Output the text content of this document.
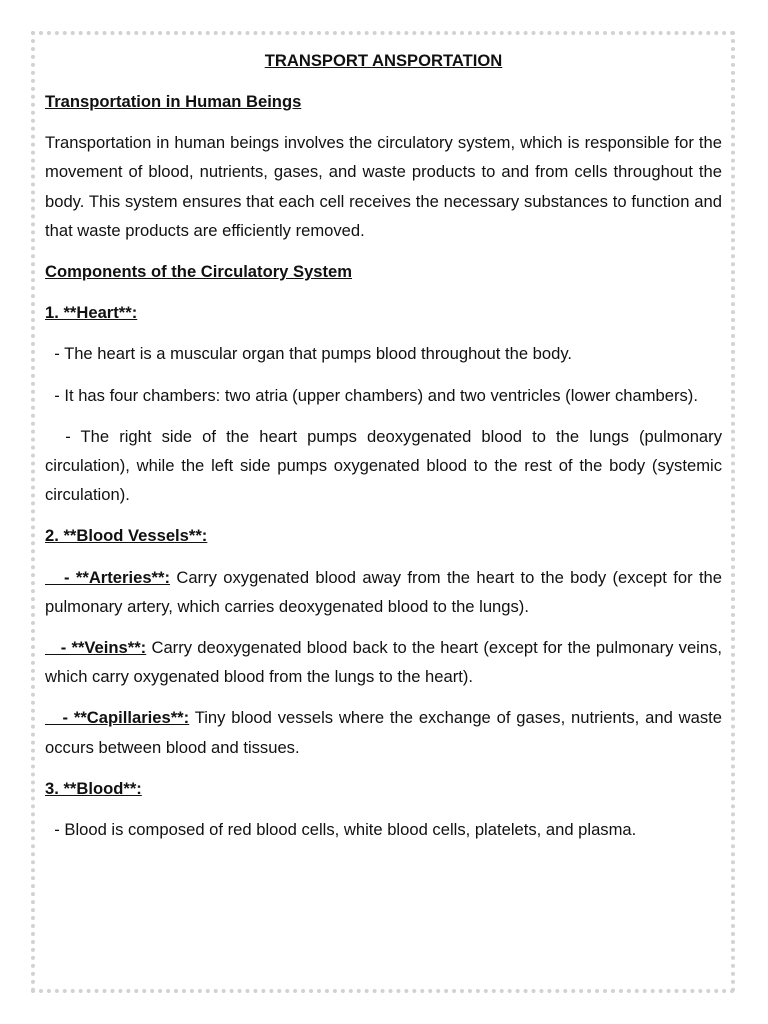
TRANSPORT ANSPORTATION
Transportation in Human Beings
Transportation in human beings involves the circulatory system, which is responsible for the movement of blood, nutrients, gases, and waste products to and from cells throughout the body. This system ensures that each cell receives the necessary substances to function and that waste products are efficiently removed.
Components of the Circulatory System
1. **Heart**:
- The heart is a muscular organ that pumps blood throughout the body.
- It has four chambers: two atria (upper chambers) and two ventricles (lower chambers).
- The right side of the heart pumps deoxygenated blood to the lungs (pulmonary circulation), while the left side pumps oxygenated blood to the rest of the body (systemic circulation).
2. **Blood Vessels**:
- **Arteries**: Carry oxygenated blood away from the heart to the body (except for the pulmonary artery, which carries deoxygenated blood to the lungs).
- **Veins**: Carry deoxygenated blood back to the heart (except for the pulmonary veins, which carry oxygenated blood from the lungs to the heart).
- **Capillaries**: Tiny blood vessels where the exchange of gases, nutrients, and waste occurs between blood and tissues.
3. **Blood**:
- Blood is composed of red blood cells, white blood cells, platelets, and plasma.
